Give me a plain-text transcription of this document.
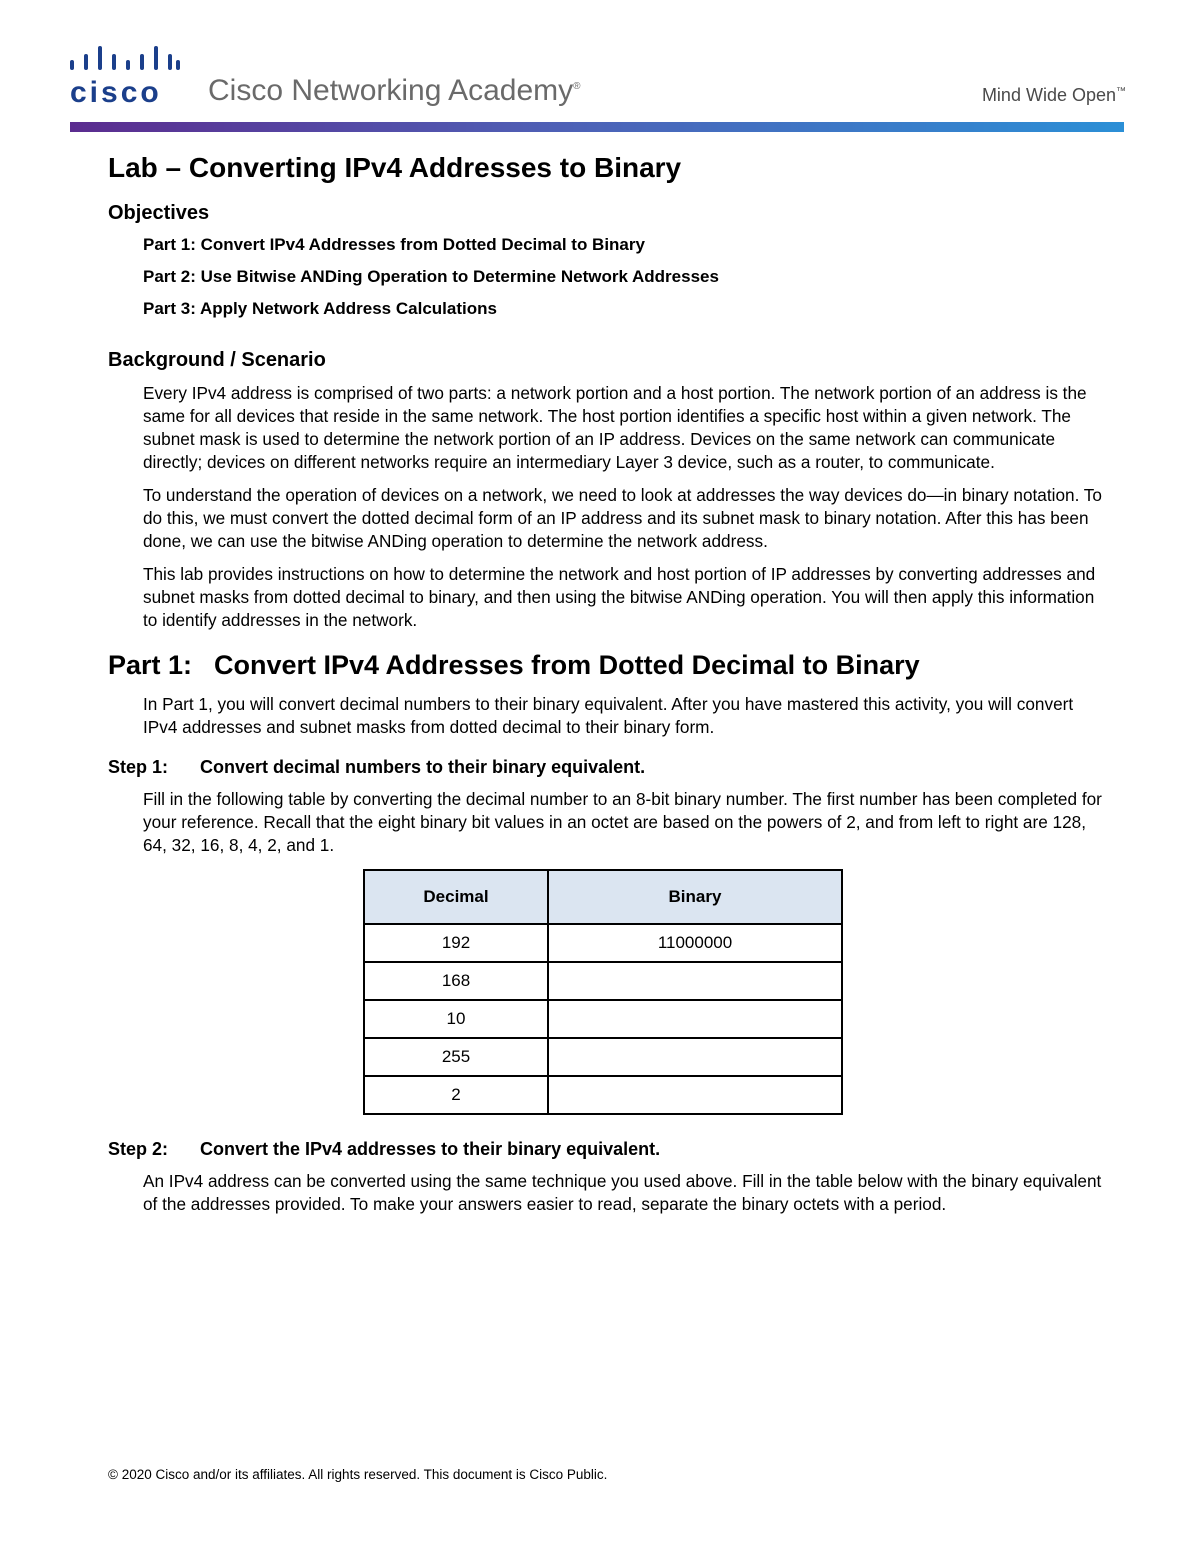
cisco Cisco Networking Academy®	Mind Wide Open™
Lab – Converting IPv4 Addresses to Binary
Objectives
Part 1: Convert IPv4 Addresses from Dotted Decimal to Binary
Part 2: Use Bitwise ANDing Operation to Determine Network Addresses
Part 3: Apply Network Address Calculations
Background / Scenario

Every IPv4 address is comprised of two parts: a network portion and a host portion. The network portion of an address is the same for all devices that reside in the same network. The host portion identifies a specific host within a given network. The subnet mask is used to determine the network portion of an IP address. Devices on the same network can communicate directly; devices on different networks require an intermediary Layer 3 device, such as a router, to communicate.

To understand the operation of devices on a network, we need to look at addresses the way devices do—in binary notation. To do this, we must convert the dotted decimal form of an IP address and its subnet mask to binary notation. After this has been done, we can use the bitwise ANDing operation to determine the network address.

This lab provides instructions on how to determine the network and host portion of IP addresses by converting addresses and subnet masks from dotted decimal to binary, and then using the bitwise ANDing operation. You will then apply this information to identify addresses in the network.

Part 1: Convert IPv4 Addresses from Dotted Decimal to Binary

In Part 1, you will convert decimal numbers to their binary equivalent. After you have mastered this activity, you will convert IPv4 addresses and subnet masks from dotted decimal to their binary form.

Step 1: Convert decimal numbers to their binary equivalent.

Fill in the following table by converting the decimal number to an 8-bit binary number. The first number has been completed for your reference. Recall that the eight binary bit values in an octet are based on the powers of 2, and from left to right are 128, 64, 32, 16, 8, 4, 2, and 1.

Decimal	Binary
192	11000000
168	
10	
255	
2	
Step 2: Convert the IPv4 addresses to their binary equivalent.

An IPv4 address can be converted using the same technique you used above. Fill in the table below with the binary equivalent of the addresses provided. To make your answers easier to read, separate the binary octets with a period.

© 2020 Cisco and/or its affiliates. All rights reserved. This document is Cisco Public.
